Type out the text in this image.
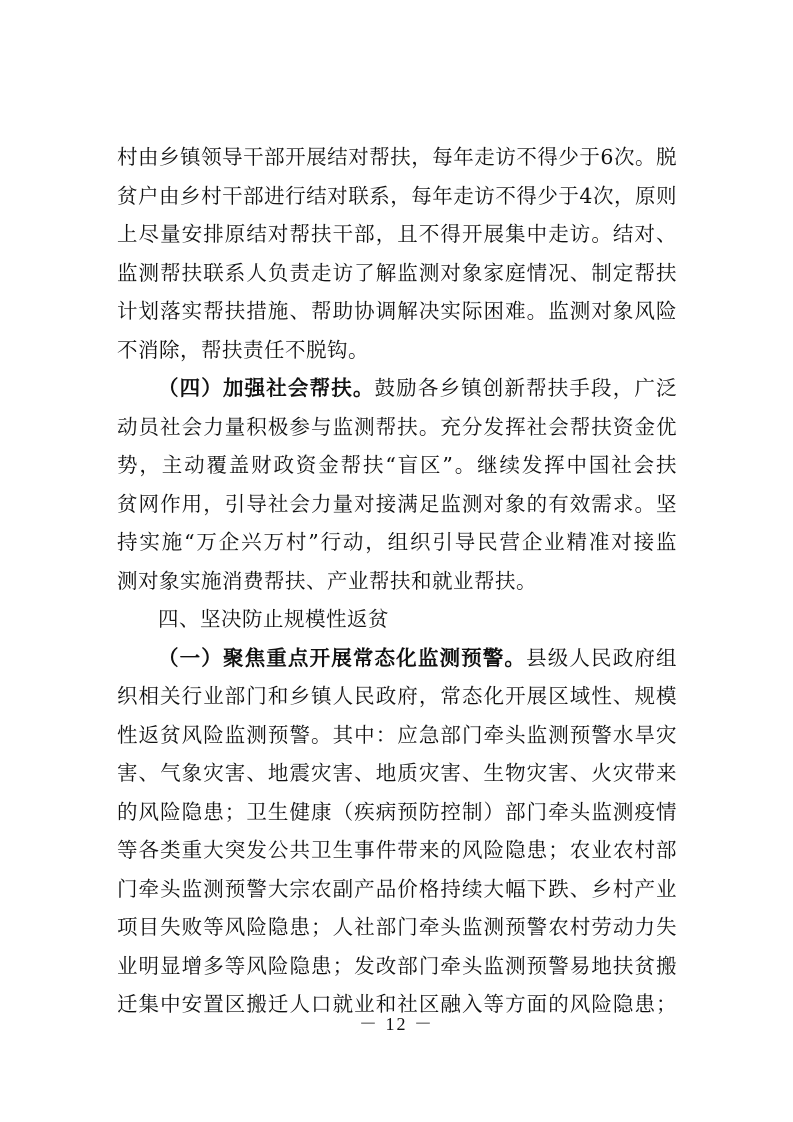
村由乡镇领导干部开展结对帮扶，每年走访不得少于6次。脱
贫户由乡村干部进行结对联系，每年走访不得少于4次，原则
上尽量安排原结对帮扶干部，且不得开展集中走访。结对、
监测帮扶联系人负责走访了解监测对象家庭情况、制定帮扶
计划落实帮扶措施、帮助协调解决实际困难。监测对象风险
不消除，帮扶责任不脱钩。
（四）加强社会帮扶。鼓励各乡镇创新帮扶手段，广泛
动员社会力量积极参与监测帮扶。充分发挥社会帮扶资金优
势，主动覆盖财政资金帮扶“盲区”。继续发挥中国社会扶
贫网作用，引导社会力量对接满足监测对象的有效需求。坚
持实施“万企兴万村”行动，组织引导民营企业精准对接监
测对象实施消费帮扶、产业帮扶和就业帮扶。
四、坚决防止规模性返贫
（一）聚焦重点开展常态化监测预警。县级人民政府组
织相关行业部门和乡镇人民政府，常态化开展区域性、规模
性返贫风险监测预警。其中：应急部门牵头监测预警水旱灾
害、气象灾害、地震灾害、地质灾害、生物灾害、火灾带来
的风险隐患；卫生健康（疾病预防控制）部门牵头监测疫情
等各类重大突发公共卫生事件带来的风险隐患；农业农村部
门牵头监测预警大宗农副产品价格持续大幅下跌、乡村产业
项目失败等风险隐患；人社部门牵头监测预警农村劳动力失
业明显增多等风险隐患；发改部门牵头监测预警易地扶贫搬
迁集中安置区搬迁人口就业和社区融入等方面的风险隐患；
－ 12 －
